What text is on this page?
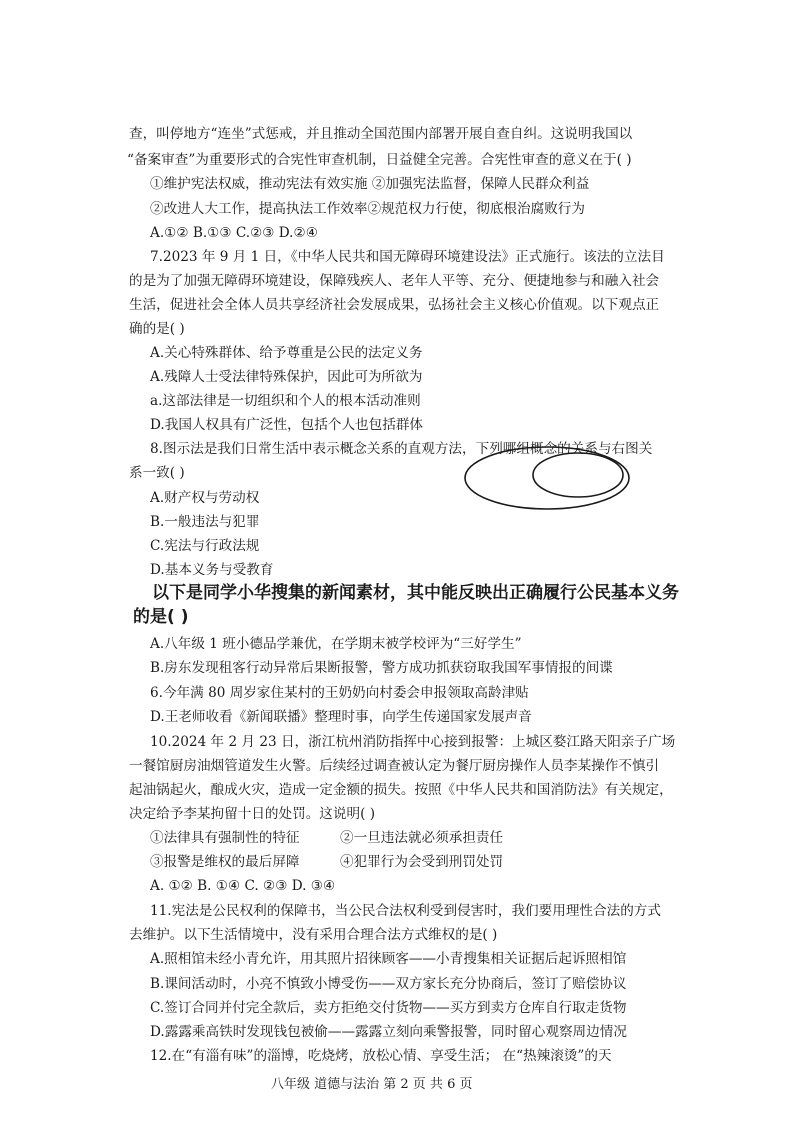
查，叫停地方“连坐”式惩戒，并且推动全国范围内部署开展自查自纠。这说明我国以
“备案审查”为重要形式的合宪性审查机制，日益健全完善。合宪性审查的意义在于( )
①维护宪法权威，推动宪法有效实施 ②加强宪法监督，保障人民群众利益
②改进人大工作，提高执法工作效率②规范权力行使，彻底根治腐败行为
A.①② B.①③ C.②③ D.②④
7.2023 年 9 月 1 日，《中华人民共和国无障碍环境建设法》正式施行。该法的立法目
的是为了加强无障碍环境建设，保障残疾人、老年人平等、充分、便捷地参与和融入社会
生活，促进社会全体人员共享经济社会发展成果，弘扬社会主义核心价值观。以下观点正
确的是( )
A.关心特殊群体、给予尊重是公民的法定义务
A.残障人士受法律特殊保护，因此可为所欲为
a.这部法律是一切组织和个人的根本活动准则
D.我国人权具有广泛性，包括个人也包括群体
8.图示法是我们日常生活中表示概念关系的直观方法，下列哪组概念的关系与右图关
系一致( )
A.财产权与劳动权
B.一般违法与犯罪
C.宪法与行政法规
D.基本义务与受教育
以下是同学小华搜集的新闻素材，其中能反映出正确履行公民基本义务
的是( )
A.八年级 1 班小德品学兼优，在学期末被学校评为“三好学生”
B.房东发现租客行动异常后果断报警，警方成功抓获窃取我国军事情报的间谍
6.今年满 80 周岁家住某村的王奶奶向村委会申报领取高龄津贴
D.王老师收看《新闻联播》整理时事，向学生传递国家发展声音
10.2024 年 2 月 23 日，浙江杭州消防指挥中心接到报警：上城区婺江路天阳亲子广场
一餐馆厨房油烟管道发生火警。后续经过调查被认定为餐厅厨房操作人员李某操作不慎引
起油锅起火，酿成火灾，造成一定金额的损失。按照《中华人民共和国消防法》有关规定，
决定给予李某拘留十日的处罚。这说明( )
①法律具有强制性的特征	②一旦违法就必须承担责任
③报警是维权的最后屏障	④犯罪行为会受到刑罚处罚
A. ①② B. ①④ C. ②③ D. ③④
11.宪法是公民权利的保障书，当公民合法权利受到侵害时，我们要用理性合法的方式
去维护。以下生活情境中，没有采用合理合法方式维权的是( )
A.照相馆未经小青允许，用其照片招徕顾客——小青搜集相关证据后起诉照相馆
B.课间活动时，小亮不慎致小博受伤——双方家长充分协商后，签订了赔偿协议
C.签订合同并付完全款后，卖方拒绝交付货物——买方到卖方仓库自行取走货物
D.露露乘高铁时发现钱包被偷——露露立刻向乘警报警，同时留心观察周边情况
12.在“有淄有味”的淄博，吃烧烤，放松心情、享受生活； 在“热辣滚烫”的天
八年级 道德与法治 第 2 页 共 6 页
